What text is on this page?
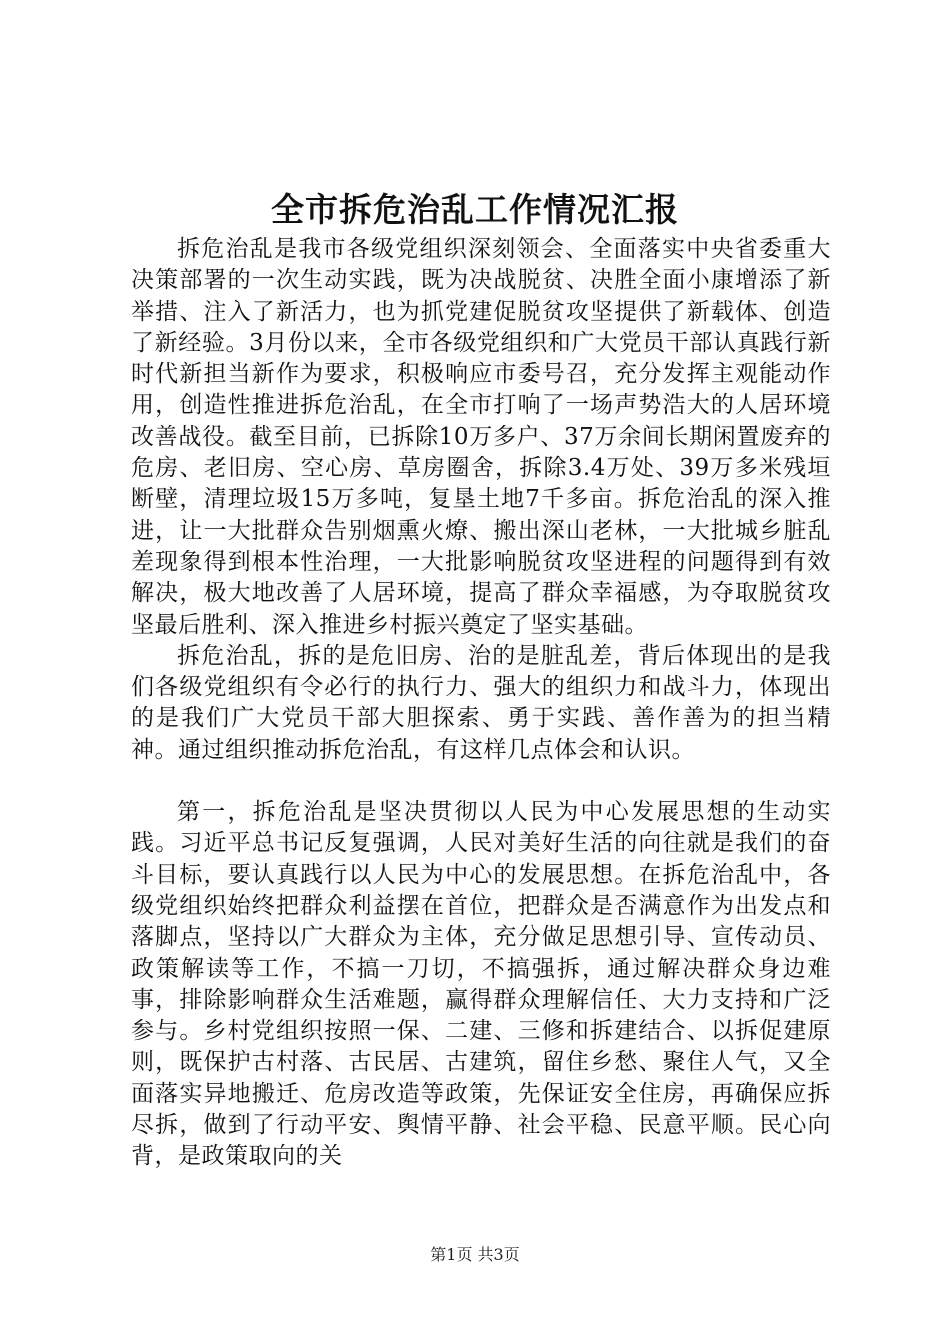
全市拆危治乱工作情况汇报

拆危治乱是我市各级党组织深刻领会、全面落实中央省委重大决策部署的一次生动实践，既为决战脱贫、决胜全面小康增添了新举措、注入了新活力，也为抓党建促脱贫攻坚提供了新载体、创造了新经验。3月份以来，全市各级党组织和广大党员干部认真践行新时代新担当新作为要求，积极响应市委号召，充分发挥主观能动作用，创造性推进拆危治乱，在全市打响了一场声势浩大的人居环境改善战役。截至目前，已拆除10万多户、37万余间长期闲置废弃的危房、老旧房、空心房、草房圈舍，拆除3.4万处、39万多米残垣断壁，清理垃圾15万多吨，复垦土地7千多亩。拆危治乱的深入推进，让一大批群众告别烟熏火燎、搬出深山老林，一大批城乡脏乱差现象得到根本性治理，一大批影响脱贫攻坚进程的问题得到有效解决，极大地改善了人居环境，提高了群众幸福感，为夺取脱贫攻坚最后胜利、深入推进乡村振兴奠定了坚实基础。

拆危治乱，拆的是危旧房、治的是脏乱差，背后体现出的是我们各级党组织有令必行的执行力、强大的组织力和战斗力，体现出的是我们广大党员干部大胆探索、勇于实践、善作善为的担当精神。通过组织推动拆危治乱，有这样几点体会和认识。

第一，拆危治乱是坚决贯彻以人民为中心发展思想的生动实践。习近平总书记反复强调，人民对美好生活的向往就是我们的奋斗目标，要认真践行以人民为中心的发展思想。在拆危治乱中，各级党组织始终把群众利益摆在首位，把群众是否满意作为出发点和落脚点，坚持以广大群众为主体，充分做足思想引导、宣传动员、政策解读等工作，不搞一刀切，不搞强拆，通过解决群众身边难事，排除影响群众生活难题，赢得群众理解信任、大力支持和广泛参与。乡村党组织按照一保、二建、三修和拆建结合、以拆促建原则，既保护古村落、古民居、古建筑，留住乡愁、聚住人气，又全面落实异地搬迁、危房改造等政策，先保证安全住房，再确保应拆尽拆，做到了行动平安、舆情平静、社会平稳、民意平顺。民心向背，是政策取向的关

第1页 共3页
